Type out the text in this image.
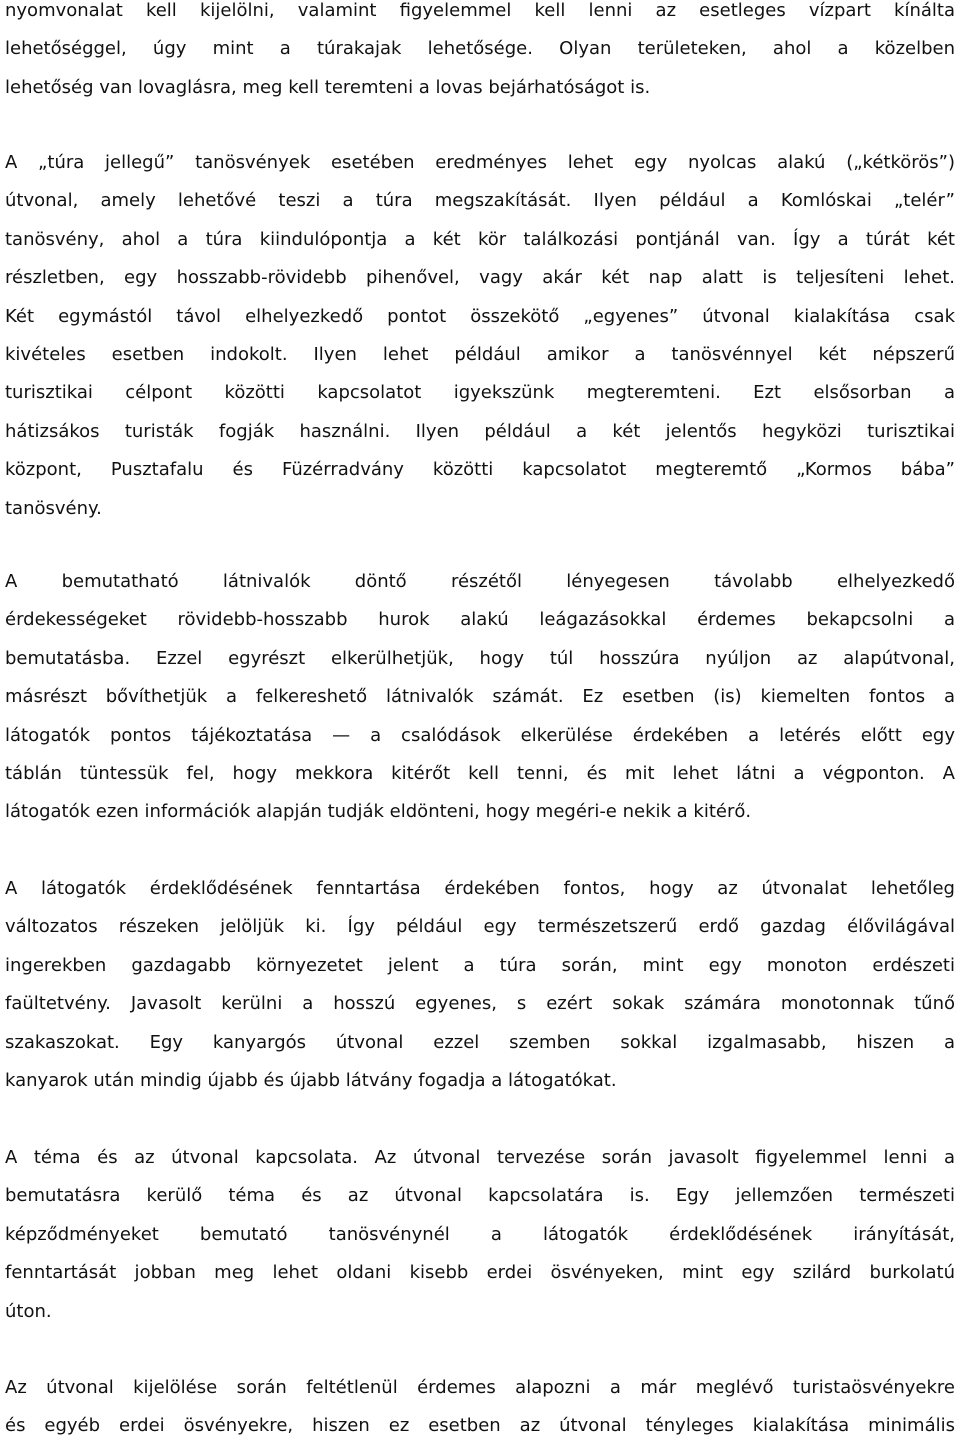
nyomvonalat kell kijelölni, valamint figyelemmel kell lenni az esetleges vízpart kínálta
lehetőséggel, úgy mint a túrakajak lehetősége. Olyan területeken, ahol a közelben
lehetőség van lovaglásra, meg kell teremteni a lovas bejárhatóságot is.
A „túra jellegű” tanösvények esetében eredményes lehet egy nyolcas alakú („kétkörös”)
útvonal, amely lehetővé teszi a túra megszakítását. Ilyen például a Komlóskai „telér”
tanösvény, ahol a túra kiindulópontja a két kör találkozási pontjánál van. Így a túrát két
részletben, egy hosszabb-rövidebb pihenővel, vagy akár két nap alatt is teljesíteni lehet.
Két egymástól távol elhelyezkedő pontot összekötő „egyenes” útvonal kialakítása csak
kivételes esetben indokolt. Ilyen lehet például amikor a tanösvénnyel két népszerű
turisztikai célpont közötti kapcsolatot igyekszünk megteremteni. Ezt elsősorban a
hátizsákos turisták fogják használni. Ilyen például a két jelentős hegyközi turisztikai
központ, Pusztafalu és Füzérradvány közötti kapcsolatot megteremtő „Kormos bába”
tanösvény.
A bemutatható látnivalók döntő részétől lényegesen távolabb elhelyezkedő
érdekességeket rövidebb-hosszabb hurok alakú leágazásokkal érdemes bekapcsolni a
bemutatásba. Ezzel egyrészt elkerülhetjük, hogy túl hosszúra nyúljon az alapútvonal,
másrészt bővíthetjük a felkereshető látnivalók számát. Ez esetben (is) kiemelten fontos a
látogatók pontos tájékoztatása — a csalódások elkerülése érdekében a letérés előtt egy
táblán tüntessük fel, hogy mekkora kitérőt kell tenni, és mit lehet látni a végponton. A
látogatók ezen információk alapján tudják eldönteni, hogy megéri-e nekik a kitérő.
A látogatók érdeklődésének fenntartása érdekében fontos, hogy az útvonalat lehetőleg
változatos részeken jelöljük ki. Így például egy természetszerű erdő gazdag élővilágával
ingerekben gazdagabb környezetet jelent a túra során, mint egy monoton erdészeti
faültetvény. Javasolt kerülni a hosszú egyenes, s ezért sokak számára monotonnak tűnő
szakaszokat. Egy kanyargós útvonal ezzel szemben sokkal izgalmasabb, hiszen a
kanyarok után mindig újabb és újabb látvány fogadja a látogatókat.
A téma és az útvonal kapcsolata. Az útvonal tervezése során javasolt figyelemmel lenni a
bemutatásra kerülő téma és az útvonal kapcsolatára is. Egy jellemzően természeti
képződményeket bemutató tanösvénynél a látogatók érdeklődésének irányítását,
fenntartását jobban meg lehet oldani kisebb erdei ösvényeken, mint egy szilárd burkolatú
úton.
Az útvonal kijelölése során feltétlenül érdemes alapozni a már meglévő turistaösvényekre
és egyéb erdei ösvényekre, hiszen ez esetben az útvonal tényleges kialakítása minimális
